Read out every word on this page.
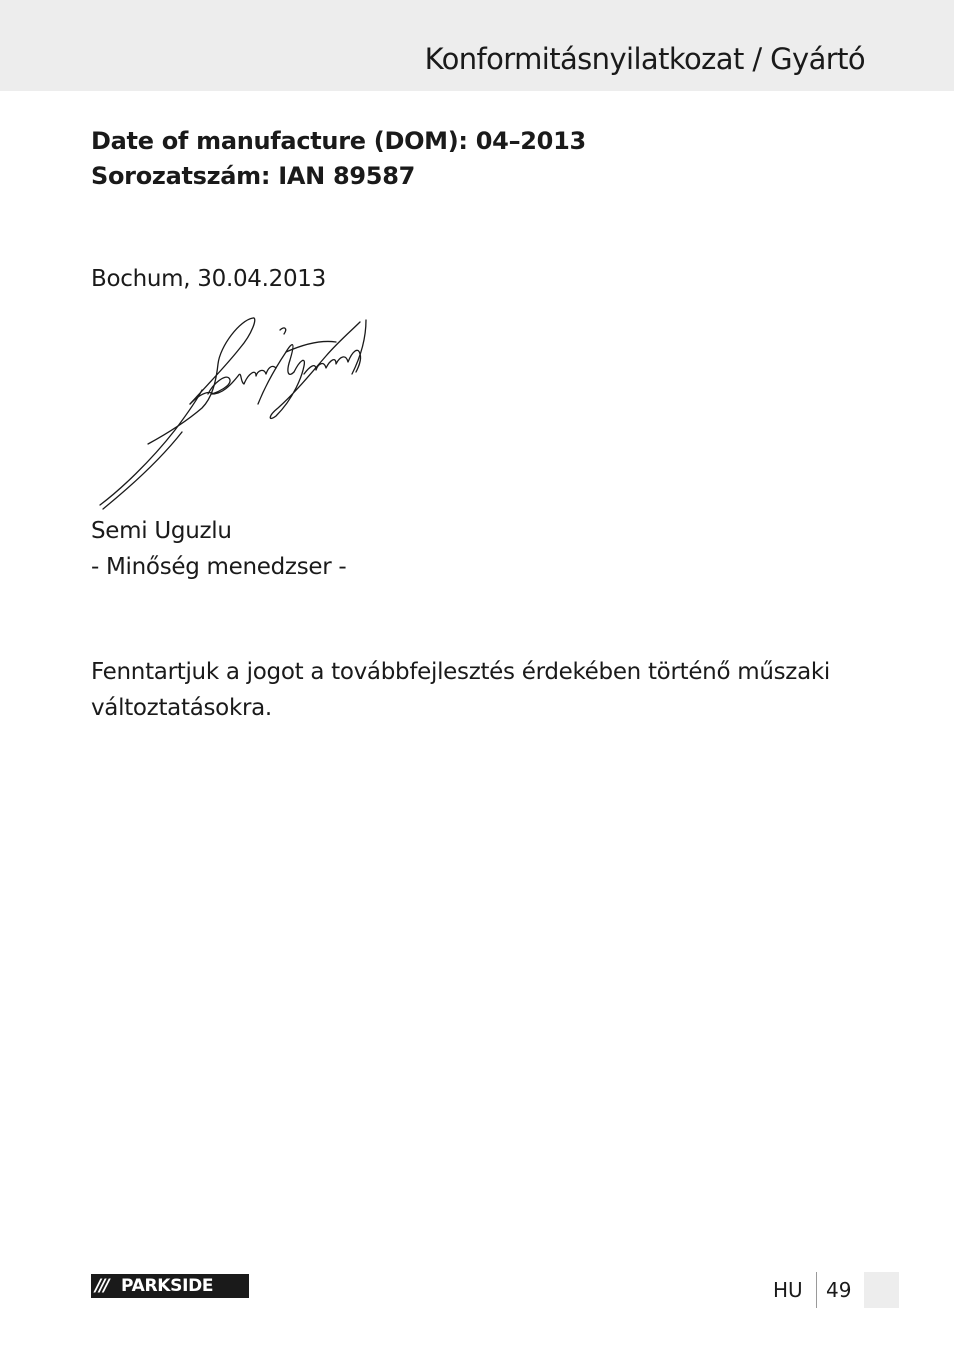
Konformitásnyilatkozat / Gyártó
Date of manufacture (DOM): 04–2013
Sorozatszám: IAN 89587
Bochum, 30.04.2013
Semi Uguzlu
- Minőség menedzser -
Fenntartjuk a jogot a továbbfejlesztés érdekében történő műszaki változtatásokra.
/// PARKSIDE	HU 49
